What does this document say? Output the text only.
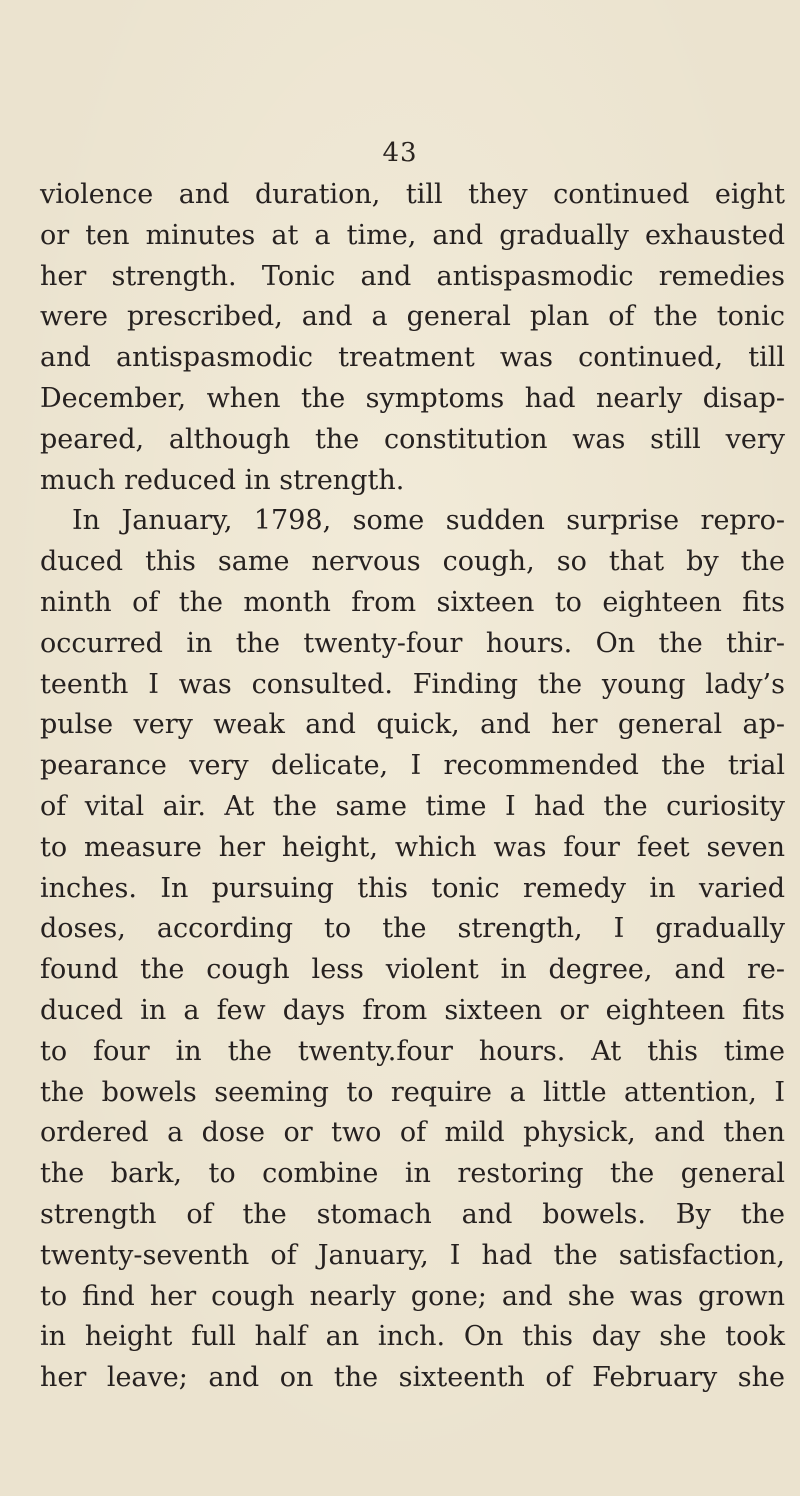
43
violence and duration, till they continued eight
or ten minutes at a time, and gradually exhausted
her strength. Tonic and antispasmodic remedies
were prescribed, and a general plan of the tonic
and antispasmodic treatment was continued, till
December, when the symptoms had nearly disap-
peared, although the constitution was still very
much reduced in strength.
In January, 1798, some sudden surprise repro-
duced this same nervous cough, so that by the
ninth of the month from sixteen to eighteen fits
occurred in the twenty-four hours. On the thir-
teenth I was consulted. Finding the young lady’s
pulse very weak and quick, and her general ap-
pearance very delicate, I recommended the trial
of vital air. At the same time I had the curiosity
to measure her height, which was four feet seven
inches. In pursuing this tonic remedy in varied
doses, according to the strength, I gradually
found the cough less violent in degree, and re-
duced in a few days from sixteen or eighteen fits
to four in the twenty.four hours. At this time
the bowels seeming to require a little attention, I
ordered a dose or two of mild physick, and then
the bark, to combine in restoring the general
strength of the stomach and bowels. By the
twenty-seventh of January, I had the satisfaction,
to find her cough nearly gone; and she was grown
in height full half an inch. On this day she took
her leave; and on the sixteenth of February she
